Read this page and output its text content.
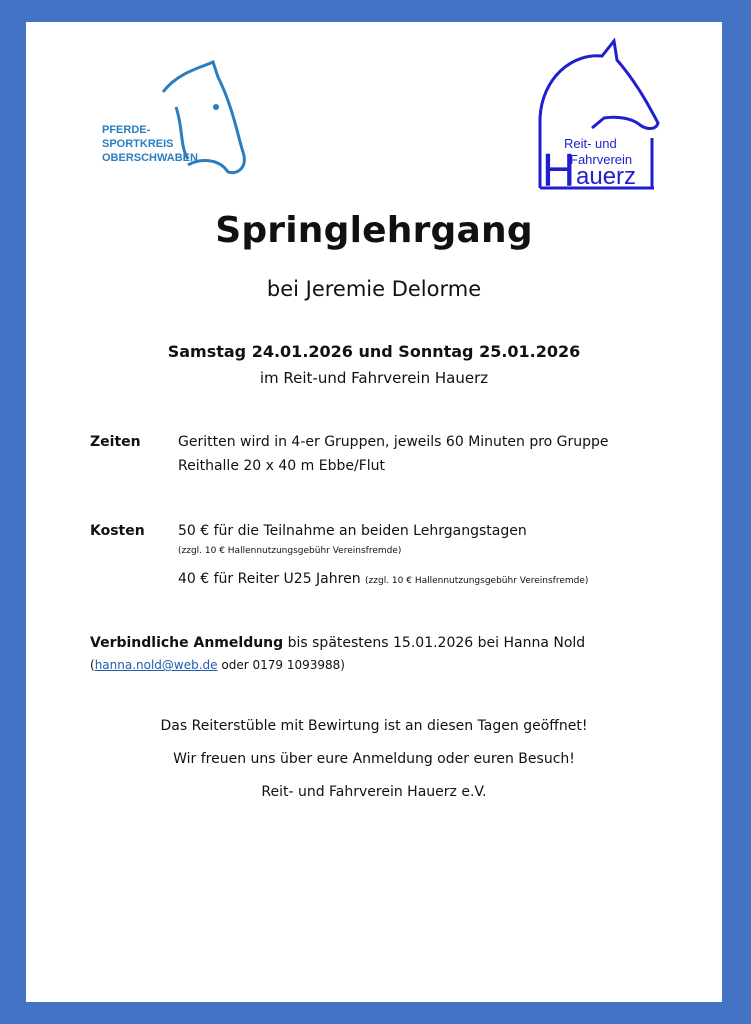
PFERDE-
SPORTKREIS
OBERSCHWABEN
Reit- und
Fahrverein
H auerz
Springlehrgang
bei Jeremie Delorme
Samstag 24.01.2026 und Sonntag 25.01.2026
im Reit-und Fahrverein Hauerz
Zeiten	Geritten wird in 4-er Gruppen, jeweils 60 Minuten pro Gruppe
Reithalle 20 x 40 m Ebbe/Flut
Kosten 50 € für die Teilnahme an beiden Lehrgangstagen
(zzgl. 10 € Hallennutzungsgebühr Vereinsfremde)
40 € für Reiter U25 Jahren (zzgl. 10 € Hallennutzungsgebühr Vereinsfremde)
Verbindliche Anmeldung bis spätestens 15.01.2026 bei Hanna Nold
(hanna.nold@web.de oder 0179 1093988)
Das Reiterstüble mit Bewirtung ist an diesen Tagen geöffnet!
Wir freuen uns über eure Anmeldung oder euren Besuch!
Reit- und Fahrverein Hauerz e.V.
